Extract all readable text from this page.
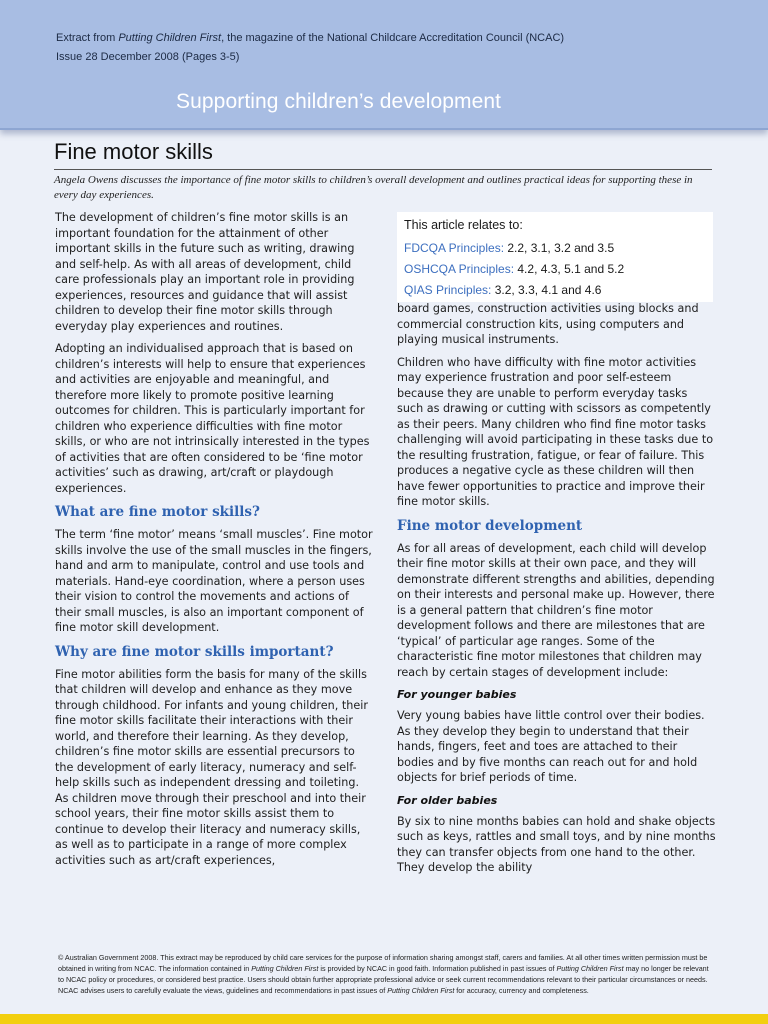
Extract from Putting Children First, the magazine of the National Childcare Accreditation Council (NCAC)
Issue 28 December 2008 (Pages 3-5)
Supporting children’s development
Fine motor skills
Angela Owens discusses the importance of fine motor skills to children’s overall development and outlines practical ideas for supporting these in every day experiences.

The development of children’s fine motor skills is an important foundation for the attainment of other important skills in the future such as writing, drawing and self-help. As with all areas of development, child care professionals play an important role in providing experiences, resources and guidance that will assist children to develop their fine motor skills through everyday play experiences and routines.

Adopting an individualised approach that is based on children’s interests will help to ensure that experiences and activities are enjoyable and meaningful, and therefore more likely to promote positive learning outcomes for children. This is particularly important for children who experience difficulties with fine motor skills, or who are not intrinsically interested in the types of activities that are often considered to be ‘fine motor activities’ such as drawing, art/craft or playdough experiences.

What are fine motor skills?

The term ‘fine motor’ means ‘small muscles’. Fine motor skills involve the use of the small muscles in the fingers, hand and arm to manipulate, control and use tools and materials. Hand-eye coordination, where a person uses their vision to control the movements and actions of their small muscles, is also an important component of fine motor skill development.

Why are fine motor skills important?

Fine motor abilities form the basis for many of the skills that children will develop and enhance as they move through childhood. For infants and young children, their fine motor skills facilitate their interactions with their world, and therefore their learning. As they develop, children’s fine motor skills are essential precursors to the development of early literacy, numeracy and self-help skills such as independent dressing and toileting. As children move through their preschool and into their school years, their fine motor skills assist them to continue to develop their literacy and numeracy skills, as well as to participate in a range of more complex activities such as art/craft experiences,

This article relates to:
FDCQA Principles: 2.2, 3.1, 3.2 and 3.5
OSHCQA Principles: 4.2, 4.3, 5.1 and 5.2
QIAS Principles: 3.2, 3.3, 4.1 and 4.6

board games, construction activities using blocks and commercial construction kits, using computers and playing musical instruments.

Children who have difficulty with fine motor activities may experience frustration and poor self-esteem because they are unable to perform everyday tasks such as drawing or cutting with scissors as competently as their peers. Many children who find fine motor tasks challenging will avoid participating in these tasks due to the resulting frustration, fatigue, or fear of failure. This produces a negative cycle as these children will then have fewer opportunities to practice and improve their fine motor skills.

Fine motor development

As for all areas of development, each child will develop their fine motor skills at their own pace, and they will demonstrate different strengths and abilities, depending on their interests and personal make up. However, there is a general pattern that children’s fine motor development follows and there are milestones that are ‘typical’ of particular age ranges. Some of the characteristic fine motor milestones that children may reach by certain stages of development include:

For younger babies

Very young babies have little control over their bodies. As they develop they begin to understand that their hands, fingers, feet and toes are attached to their bodies and by five months can reach out for and hold objects for brief periods of time.

For older babies

By six to nine months babies can hold and shake objects such as keys, rattles and small toys, and by nine months they can transfer objects from one hand to the other. They develop the ability

© Australian Government 2008. This extract may be reproduced by child care services for the purpose of information sharing amongst staff, carers and families. At all other times written permission must be obtained in writing from NCAC. The information contained in Putting Children First is provided by NCAC in good faith. Information published in past issues of Putting Children First may no longer be relevant to NCAC policy or procedures, or considered best practice. Users should obtain further appropriate professional advice or seek current recommendations relevant to their particular circumstances or needs. NCAC advises users to carefully evaluate the views, guidelines and recommendations in past issues of Putting Children First for accuracy, currency and completeness.
